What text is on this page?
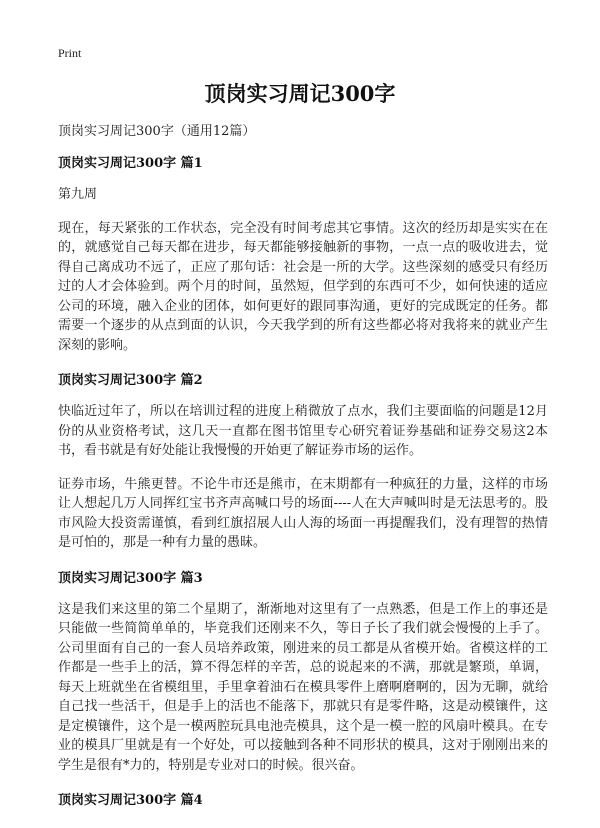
Print
顶岗实习周记300字
顶岗实习周记300字（通用12篇）
顶岗实习周记300字 篇1

第九周

现在，每天紧张的工作状态，完全没有时间考虑其它事情。这次的经历却是实实在在的，就感觉自己每天都在进步，每天都能够接触新的事物，一点一点的吸收进去，觉得自己离成功不远了，正应了那句话：社会是一所的大学。这些深刻的感受只有经历过的人才会体验到。两个月的时间，虽然短，但学到的东西可不少，如何快速的适应公司的环境，融入企业的团体，如何更好的跟同事沟通，更好的完成既定的任务。都需要一个逐步的从点到面的认识，今天我学到的所有这些都必将对我将来的就业产生深刻的影响。

顶岗实习周记300字 篇2

快临近过年了，所以在培训过程的进度上稍微放了点水，我们主要面临的问题是12月份的从业资格考试，这几天一直都在图书馆里专心研究着证券基础和证券交易这2本书，看书就是有好处能让我慢慢的开始更了解证券市场的运作。

证券市场，牛熊更替。不论牛市还是熊市，在末期都有一种疯狂的力量，这样的市场让人想起几万人同挥红宝书齐声高喊口号的场面----人在大声喊叫时是无法思考的。股市风险大投资需谨慎，看到红旗招展人山人海的场面一再提醒我们，没有理智的热情是可怕的，那是一种有力量的愚昧。

顶岗实习周记300字 篇3

这是我们来这里的第二个星期了，渐渐地对这里有了一点熟悉，但是工作上的事还是只能做一些简简单单的，毕竟我们还刚来不久，等日子长了我们就会慢慢的上手了。公司里面有自己的一套人员培养政策，刚进来的员工都是从省模开始。省模这样的工作都是一些手上的活，算不得怎样的辛苦，总的说起来的不满，那就是繁琐，单调，每天上班就坐在省模组里，手里拿着油石在模具零件上磨啊磨啊的，因为无聊，就给自己找一些活干，但是手上的活也不能落下，那就只有是零件略，这是动模镶件，这是定模镶件，这个是一模两腔玩具电池壳模具，这个是一模一腔的风扇叶模具。在专业的模具厂里就是有一个好处，可以接触到各种不同形状的模具，这对于刚刚出来的学生是很有*力的，特别是专业对口的时候。很兴奋。

顶岗实习周记300字 篇4
